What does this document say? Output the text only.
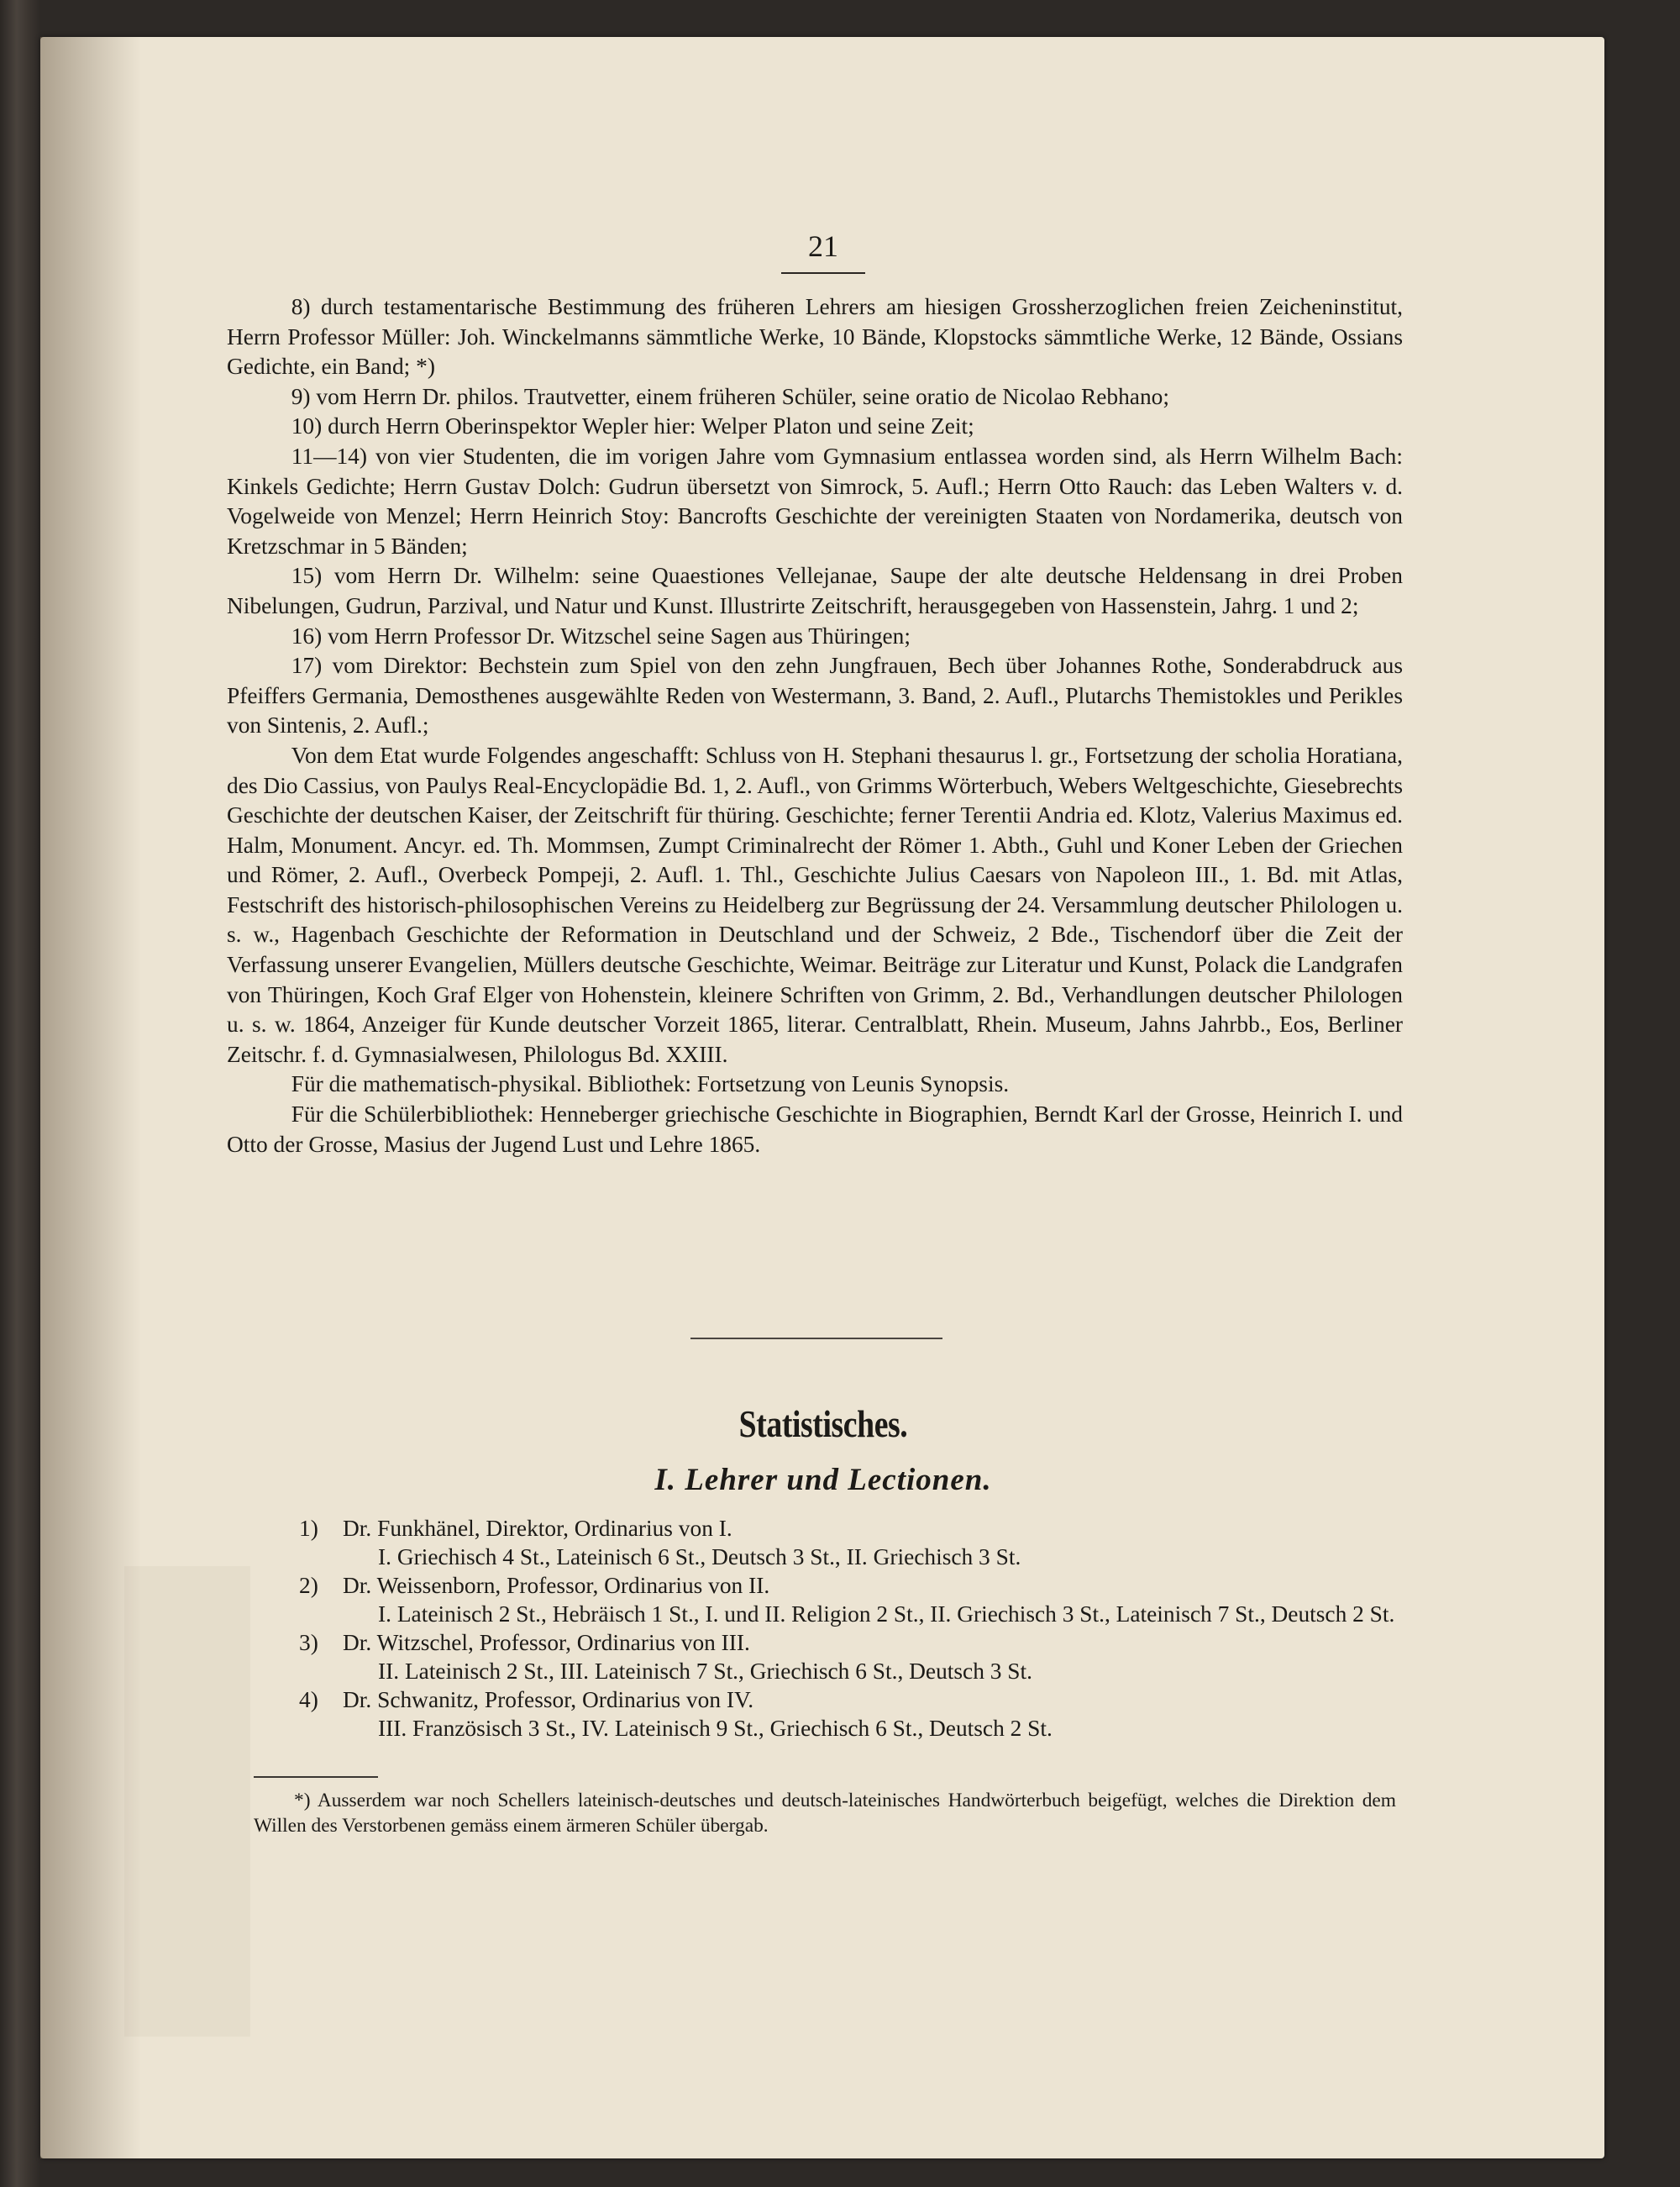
21

8) durch testamentarische Bestimmung des früheren Lehrers am hiesigen Grossherzoglichen freien Zeicheninstitut, Herrn Professor Müller: Joh. Winckelmanns sämmtliche Werke, 10 Bände, Klopstocks sämmtliche Werke, 12 Bände, Ossians Gedichte, ein Band; *)

9) vom Herrn Dr. philos. Trautvetter, einem früheren Schüler, seine oratio de Nicolao Rebhano;

10) durch Herrn Oberinspektor Wepler hier: Welper Platon und seine Zeit;

11—14) von vier Studenten, die im vorigen Jahre vom Gymnasium entlassea worden sind, als Herrn Wilhelm Bach: Kinkels Gedichte; Herrn Gustav Dolch: Gudrun übersetzt von Simrock, 5. Aufl.; Herrn Otto Rauch: das Leben Walters v. d. Vogelweide von Menzel; Herrn Heinrich Stoy: Bancrofts Geschichte der vereinigten Staaten von Nordamerika, deutsch von Kretzschmar in 5 Bänden;

15) vom Herrn Dr. Wilhelm: seine Quaestiones Vellejanae, Saupe der alte deutsche Heldensang in drei Proben Nibelungen, Gudrun, Parzival, und Natur und Kunst. Illustrirte Zeitschrift, herausgegeben von Hassenstein, Jahrg. 1 und 2;

16) vom Herrn Professor Dr. Witzschel seine Sagen aus Thüringen;

17) vom Direktor: Bechstein zum Spiel von den zehn Jungfrauen, Bech über Johannes Rothe, Sonderabdruck aus Pfeiffers Germania, Demosthenes ausgewählte Reden von Westermann, 3. Band, 2. Aufl., Plutarchs Themistokles und Perikles von Sintenis, 2. Aufl.;

Von dem Etat wurde Folgendes angeschafft: Schluss von H. Stephani thesaurus l. gr., Fortsetzung der scholia Horatiana, des Dio Cassius, von Paulys Real-Encyclopädie Bd. 1, 2. Aufl., von Grimms Wörterbuch, Webers Weltgeschichte, Giesebrechts Geschichte der deutschen Kaiser, der Zeitschrift für thüring. Geschichte; ferner Terentii Andria ed. Klotz, Valerius Maximus ed. Halm, Monument. Ancyr. ed. Th. Mommsen, Zumpt Criminalrecht der Römer 1. Abth., Guhl und Koner Leben der Griechen und Römer, 2. Aufl., Overbeck Pompeji, 2. Aufl. 1. Thl., Geschichte Julius Caesars von Napoleon III., 1. Bd. mit Atlas, Festschrift des historisch-philosophischen Vereins zu Heidelberg zur Begrüssung der 24. Versammlung deutscher Philologen u. s. w., Hagenbach Geschichte der Reformation in Deutschland und der Schweiz, 2 Bde., Tischendorf über die Zeit der Verfassung unserer Evangelien, Müllers deutsche Geschichte, Weimar. Beiträge zur Literatur und Kunst, Polack die Landgrafen von Thüringen, Koch Graf Elger von Hohenstein, kleinere Schriften von Grimm, 2. Bd., Verhandlungen deutscher Philologen u. s. w. 1864, Anzeiger für Kunde deutscher Vorzeit 1865, literar. Centralblatt, Rhein. Museum, Jahns Jahrbb., Eos, Berliner Zeitschr. f. d. Gymnasialwesen, Philologus Bd. XXIII.

Für die mathematisch-physikal. Bibliothek: Fortsetzung von Leunis Synopsis.

Für die Schülerbibliothek: Henneberger griechische Geschichte in Biographien, Berndt Karl der Grosse, Heinrich I. und Otto der Grosse, Masius der Jugend Lust und Lehre 1865.

Statistisches.
I. Lehrer und Lectionen.
1) Dr. Funkhänel, Direktor, Ordinarius von I.
I. Griechisch 4 St., Lateinisch 6 St., Deutsch 3 St., II. Griechisch 3 St.
2) Dr. Weissenborn, Professor, Ordinarius von II.
I. Lateinisch 2 St., Hebräisch 1 St., I. und II. Religion 2 St., II. Griechisch 3 St., Lateinisch 7 St., Deutsch 2 St.
3) Dr. Witzschel, Professor, Ordinarius von III.
II. Lateinisch 2 St., III. Lateinisch 7 St., Griechisch 6 St., Deutsch 3 St.
4) Dr. Schwanitz, Professor, Ordinarius von IV.
III. Französisch 3 St., IV. Lateinisch 9 St., Griechisch 6 St., Deutsch 2 St.

*) Ausserdem war noch Schellers lateinisch-deutsches und deutsch-lateinisches Handwörterbuch beigefügt, welches die Direktion dem Willen des Verstorbenen gemäss einem ärmeren Schüler übergab.
